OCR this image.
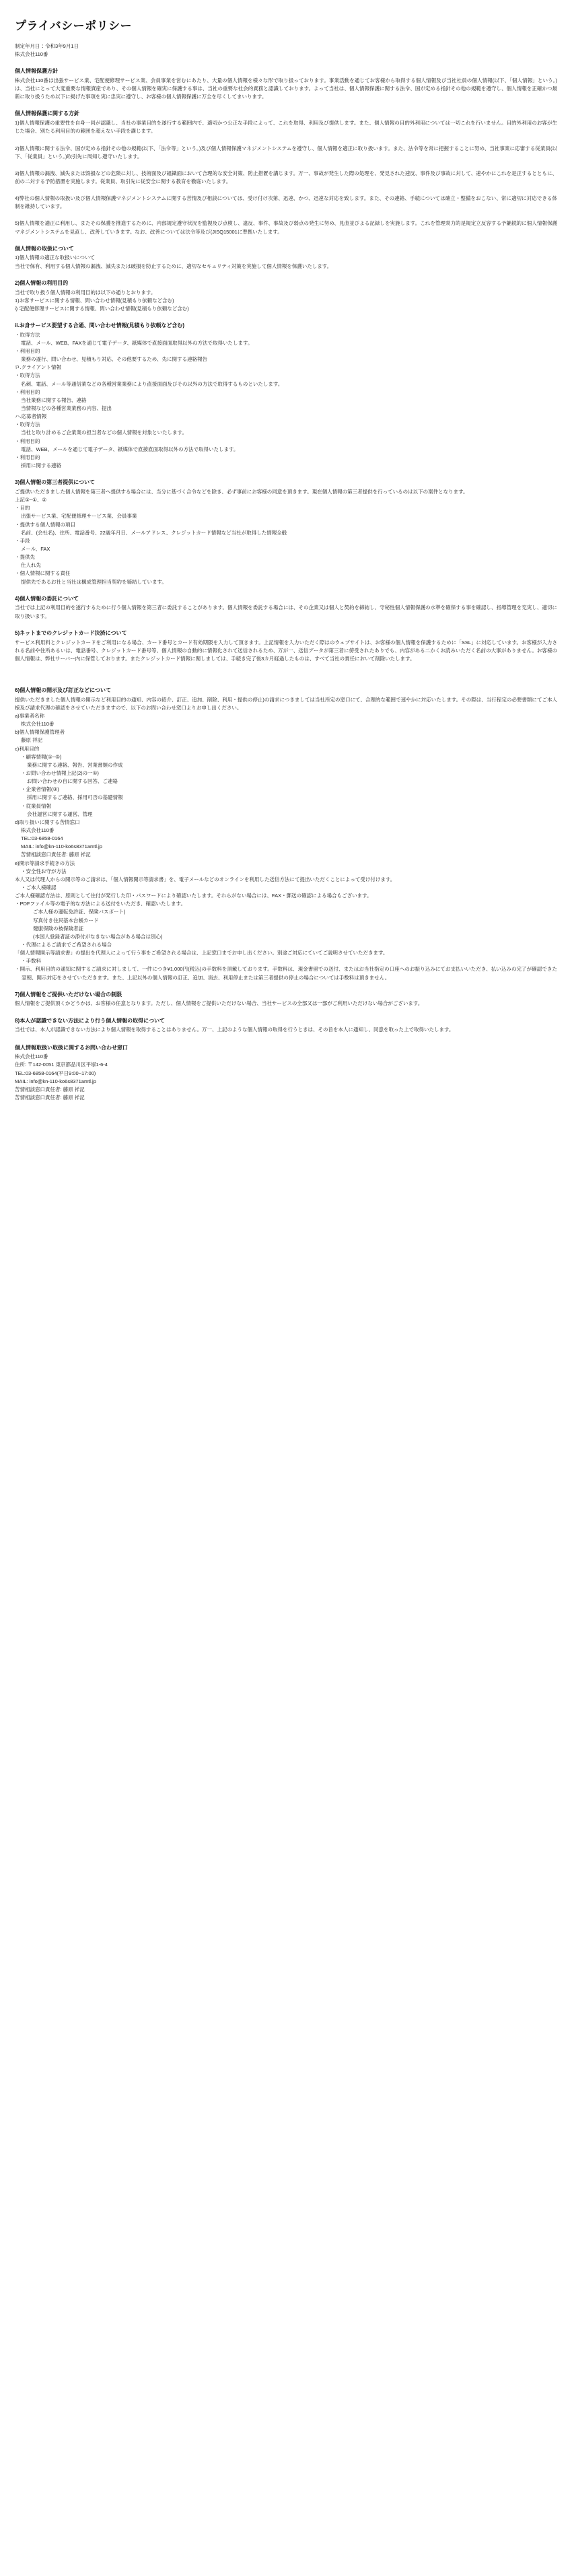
プライバシーポリシー

制定年月日：令和3年9月1日

株式会社110番

個人情報保護方針

株式会社110番は出張サービス業、宅配便修理サービス業、会員事業を営むにあたり、大量の個人情報を様々な形で取り扱っております。事業活動を通じてお客様から取得する個人情報及び当社社員の個人情報(以下、「個人情報」という。)は、当社にとって大変重要な情報資産であり、その個人情報を確実に保護する事は、当社の重要な社会的責務と認識しております。よって当社は、個人情報保護に関する法令、国が定める指針その他の規範を遵守し、個人情報を正確かつ最新に取り扱うため以下に掲げた事項を実に忠実に遵守し、お客様の個人情報保護に万全を尽くしてまいります。

個人情報保護に関する方針

1)個人情報保護の重要性を自身一同が認識し、当社の事業目的を遂行する範囲内で、適切かつ公正な手段によって、これを取得、利用及び提供します。また、個人情報の目的外利用については一切これを行いません。目的外利用のお客が生じた場合、別たる利用目的の範囲を超えない手段を講じます。

2)個人情報に関する法令、国が定める指針その他の規範(以下、「法令等」という。)及び個人情報保護マネジメントシステムを遵守し、個人情報を適正に取り扱います。また、法令等を常に把握することに努め、当社事業に応審する従業員(以下、「従業員」という。)取引先に周知し遵守いたします。

3)個人情報の漏洩、滅失または毀損などの危険に対し、技術面及び組織面において合理的な安全対策、防止措置を講じます。万一、事故が発生した際の処理を、発見された速反、事件及び事故に対して、速やかにこれを是正するとともに、前の二対する予防措置を実施します。従業員、取引先に従安全に関する教育を徹底いたします。

4)弊社の個人情報の取扱い及び個人情報保護マネジメントシステムに関する苦情及び相談については、受け付け次第、迅速、かつ、迅速な対応を致します。また、その連絡、手続については確立・整備をおこない、常に適切に対応できる体制を維持しています。

5)個人情報を適正に利用し、またその保護を推進するために、内部規定遵守状況を監視及び点検し、違反、事件、事故及び弱点の発生に努め、見直並びよる記録しを実施します。これを管理効力的是規定立反容する予継続的に個人情報保護マネジメントシステムを見直し、改善していきます。なお、改善については法令等及び(JISQ15001に準拠いたします。

個人情報の取扱について

1)個人情報の適正な取扱いについて

当社で保有、利用する個人情報の漏洩、滅失または破損を防止するために、適切なセキュリティ対策を実施して個人情報を保護いたします。

2)個人情報の利用目的

当社で取り扱う個人情報の利用目的は以下の通りとおります。

1)お客サービスに関する情報、問い合わせ情報(見積もり依頼など含む)

i) 宅配便修理サービスに関する情報、問い合わせ情報(見積もり依頼など含む)

ii.お身サービス要望する合通、問い合わせ情報(見積もり依頼など含む)

・取得方法

電話、メール、WEB、FAXを通じて電子データ、紙媒体で直接面面取得以外の方法で取得いたします。

・利用目的

業務の遂行、問い合わせ、見積もり対応、その他要するため、先に関する連絡報告

ロ.クライアント情報

・取得方法

名刺、電話、メール等通信業などの各種営業業務により直接面面及びその以外の方法で取得するものといたします。

・利用目的

当社業務に関する報告、連絡

当情報などの各種営業業務の内容、提出

ハ.応募者情報

・取得方法

当社と取り計めるご企業業の担当者などの個人情報を対象といたします。

・利用目的

電話、WEB、メールを通じて電子データ、紙媒体で直接直面取得以外の方法で取得いたします。

・利用目的

採用に関する連絡

3)個人情報の第三者提供について

ご提供いただきました個人情報を第三者へ提供する場合には、当分に基づく合令などを除き、必ず事前にお客様の同意を頂きます。現在個人情報の第三者提供を行っているのは以下の案件となります。

上記①~①、②

・目的

出張サービス業、宅配便修理サービス業、会員事業

・提供する個人情報の項目

名前、(会社名)、住所、電話番号、22歳年月日、メールアドレス、クレジットカード情報など当社が取得した情報全般

・手段

メール、FAX

・提供先

仕入れ先

・個人情報に関する責任

提供先であるお社と当社は構成管理担当契約を締結しています。

4)個人情報の委託について

当社では上記の利用目的を遂行するために行う個人情報を第三者に委託することがあります。個人情報を委託する場合には、その企業又は個人と契約を締結し、守秘性個人情報保護の水準を確保する事を確認し、指導管理を充実し、適切に取り扱います。

5)ネットまでのクレジットカード決済について

サービス利用料とクレジットカードをご利用になる場合、カード番号とカード有効期限を入力して頂きます。上記情報を入力いただく際はのウェブサイトは、お客様の個人情報を保護するために「SSL」に対応しています。お客様が入力される名前や住所あるいは、電話番号、クレジットカード番号等、個人情報の自動的に情報化されて送信されるため、万が一、送信データが第三者に傍受されたありでも、内容がある二かくお読みいただく名前の大事がありません。お客様の個人情報は、弊社サーバー内に保管しております。またクレジットカード情報に関しましては、手続き完了後3カ月経過したものは、すべて当社の責任において削除いたします。

6)個人情報の開示及び訂正などについて

提供いただきました個人情報の開示など利用目的の通知、内容の紹介、訂正、追加、削除、利用・提供の停止)の請求につきましては当社所定の窓口にて、合理的な範囲で速やかに対応いたします。その際は、当行程定の必要書類にてご本人様及び請求代理の確認をさせていただきますので、以下のお問い合わせ窓口よりお申し出ください。

a)事業者名称

株式会社110番

b)個人情報保護管理者

藤原 祥記

c)利用目的

・顧客情報(①~⑤)

業務に関する連絡、報告、営業書類の作成

・お問い合わせ情報上記(2)の一①)

お問い合わせの自に関する回答、ご連絡

・企業者情報(③)

採用に関するご連絡、採用可否の基礎情報

・従業員情報

会社運営に関する運営、管理

d)取り扱いに関する苦情窓口

株式会社110番

TEL:03-6858-0164

MAIL: info@kn-110-ko6s8371amtl.jp

苦情相談窓口責任者: 藤原 祥記

e)開示等請求手続きの方法

・安全性お守が方法

本人又は代理人からの開示等のご請求は、「個人情報開示等請求書」を、電子メールなどのオンラインを利用した送信方法にて提出いただくことによって受け付けます。

・ご本人様確認

ご本人様確認方法は、原則として住付が発行した印・パスワードにより確認いたします。それらがない場合には、FAX・郵送の確認による場合もございます。

・PDFファイル等の電子的な方法による送付をいただき、確認いたします。

ご本人様の運転免許証、保険バスポート)

写真付き住民基本台帳カード

健康保険の被保険者証

(本国人登録者証の添付がなきない場合がある場合は別心)

・代理によるご請求でご希望される場合

「個人情報開示等請求書」の提出を代理人によって行う事をご希望される場合は、上記窓口までお申し出ください。別途ご対応にていてご説明させていただきます。

・手数料

・開示、利用目的の通知に関するご請求に対しまして、一件につき¥1,000円(税込)の手数料を頂戴しております。手数料は、現金書留での送付、またはお当社指定の口座へのお振り込みにてお支払いいただき、払い込みの完了が確認できた翌朝、開示対応をさせていただきます。また、上記以外の個人情報の訂正、追加、消去、利用停止または第三者提供の停止の場合については手数料は頂きません。

7)個人情報をご提供いただけない場合の制限

個人情報をご提供頂くかどうかは、お客様の任意となります。ただし、個人情報をご提供いただけない場合、当社サービスの全部又は一部がご利用いただけない場合がございます。

8)本人が認識できない方法により行う個人情報の取得について

当社では、本人が認識できない方法により個人情報を取得することはありません。万一、上記のような個人情報の取得を行うときは、その旨を本人に通知し、同意を取った上で取得いたします。

個人情報取扱い取扱に関するお問い合わせ窓口

株式会社110番

住所: 〒142-0051 東京都品川区平塚1-6-4

TEL:03-6858-0164(平日9:00~17:00)

MAIL: info@kn-110-ko6s8371amtl.jp

苦情相談窓口責任者: 藤原 祥記

苦情相談窓口責任者: 藤原 祥記
